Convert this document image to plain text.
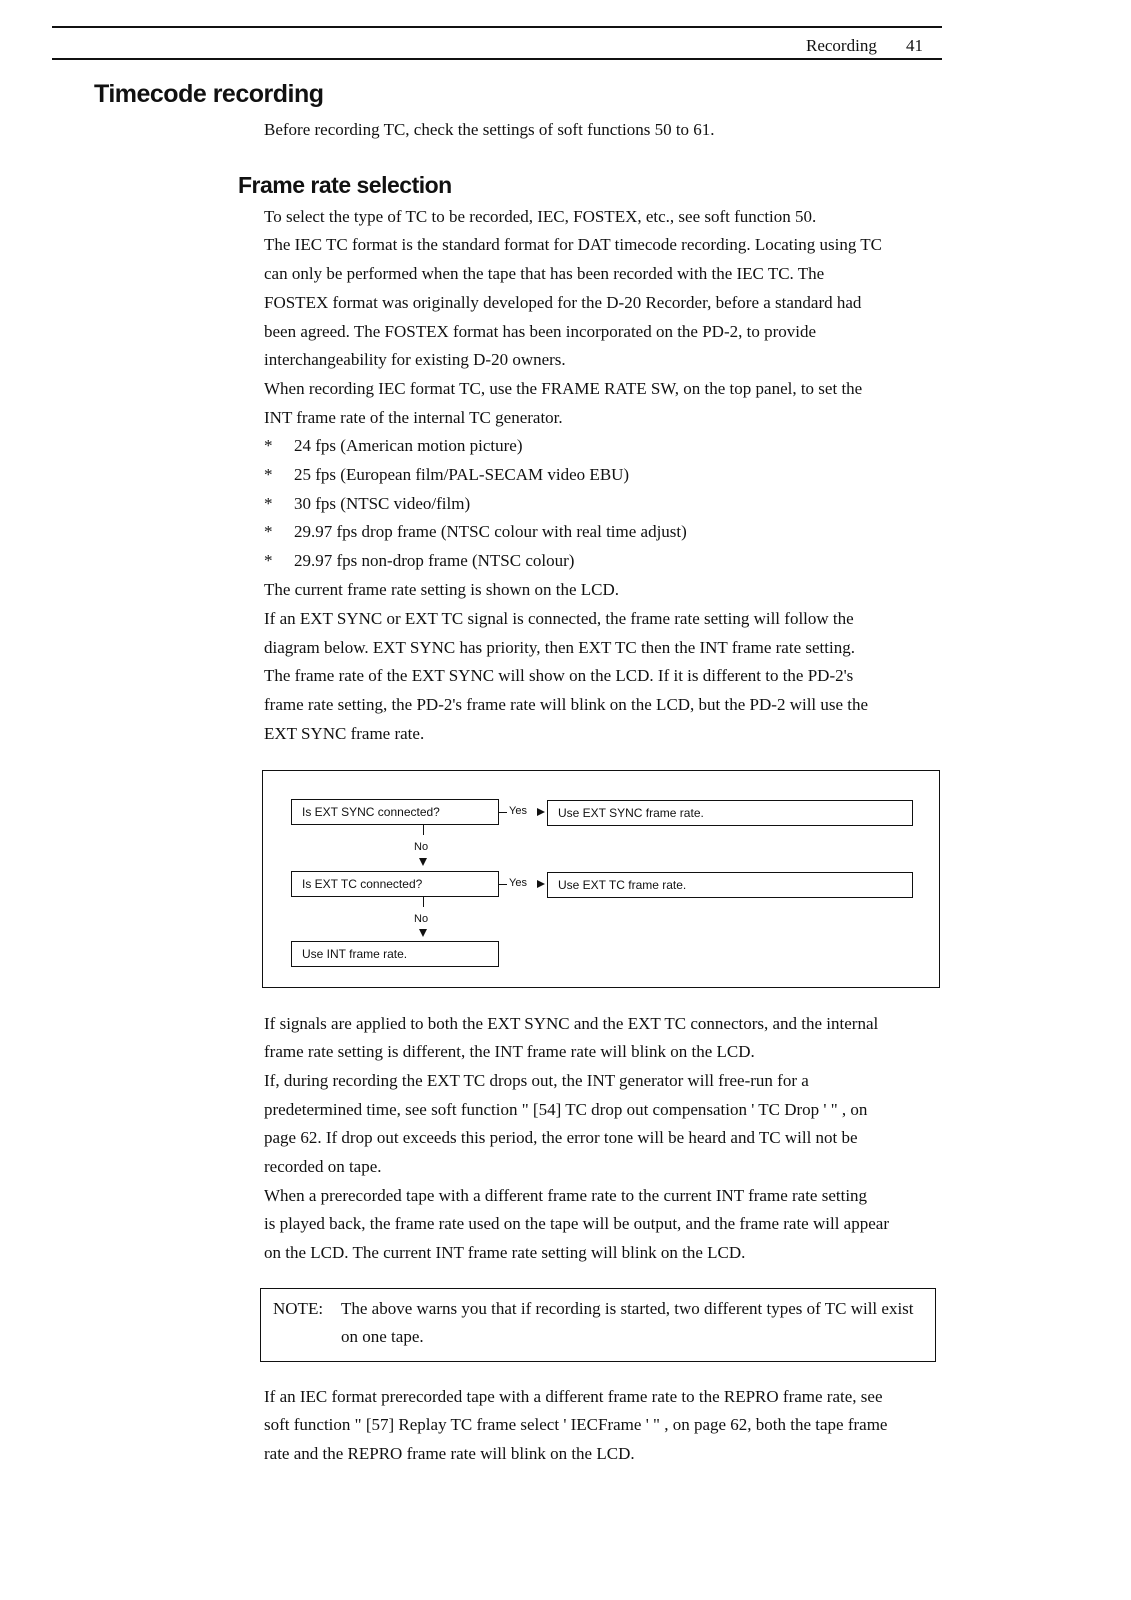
Recording 41
Timecode recording

Before recording TC, check the settings of soft functions 50 to 61.

Frame rate selection

To select the type of TC to be recorded, IEC, FOSTEX, etc., see soft function 50.

The IEC TC format is the standard format for DAT timecode recording. Locating using TC

can only be performed when the tape that has been recorded with the IEC TC. The

FOSTEX format was originally developed for the D-20 Recorder, before a standard had

been agreed. The FOSTEX format has been incorporated on the PD-2, to provide

interchangeability for existing D-20 owners.

When recording IEC format TC, use the FRAME RATE SW, on the top panel, to set the

INT frame rate of the internal TC generator.

* 24 fps (American motion picture)
* 25 fps (European film/PAL-SECAM video EBU)
* 30 fps (NTSC video/film)
* 29.97 fps drop frame (NTSC colour with real time adjust)
* 29.97 fps non-drop frame (NTSC colour)

The current frame rate setting is shown on the LCD.

If an EXT SYNC or EXT TC signal is connected, the frame rate setting will follow the

diagram below. EXT SYNC has priority, then EXT TC then the INT frame rate setting.

The frame rate of the EXT SYNC will show on the LCD. If it is different to the PD-2's

frame rate setting, the PD-2's frame rate will blink on the LCD, but the PD-2 will use the

EXT SYNC frame rate.

Is EXT SYNC connected?	Yes	Use EXT SYNC frame rate.
No
Is EXT TC connected?	Yes	Use EXT TC frame rate.
No
Use INT frame rate.

If signals are applied to both the EXT SYNC and the EXT TC connectors, and the internal

frame rate setting is different, the INT frame rate will blink on the LCD.

If, during recording the EXT TC drops out, the INT generator will free-run for a

predetermined time, see soft function " [54] TC drop out compensation ' TC Drop ' " , on

page 62. If drop out exceeds this period, the error tone will be heard and TC will not be

recorded on tape.

When a prerecorded tape with a different frame rate to the current INT frame rate setting

is played back, the frame rate used on the tape will be output, and the frame rate will appear

on the LCD. The current INT frame rate setting will blink on the LCD.

NOTE: The above warns you that if recording is started, two different types of TC will exist on one tape.

If an IEC format prerecorded tape with a different frame rate to the REPRO frame rate, see

soft function " [57] Replay TC frame select ' IECFrame ' " , on page 62, both the tape frame

rate and the REPRO frame rate will blink on the LCD.
